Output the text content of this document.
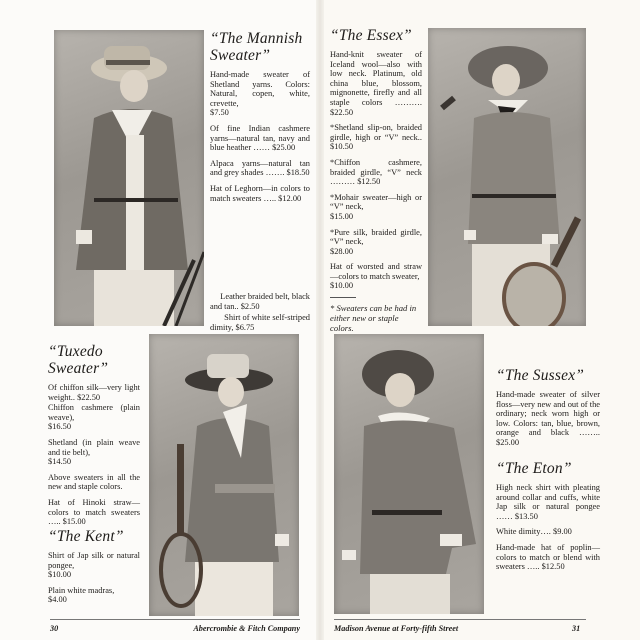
“The Mannish Sweater”
Hand-made sweater of Shetland yarns. Colors: Natural, copen, white, crevette,
$7.50
Of fine Indian cashmere yarns—natural tan, navy and blue heather …… $25.00
Alpaca yarns—natural tan and grey shades ……. $18.50
Hat of Leghorn—in colors to match sweaters ….. $12.00
Leather braided belt, black and tan.. $2.50
Shirt of white self-striped dimity, $6.75
“Tuxedo Sweater”
Of chiffon silk—very light weight.. $22.50
Chiffon cashmere (plain weave),
$16.50
Shetland (in plain weave and tie belt),
$14.50
Above sweaters in all the new and staple colors.
Hat of Hinoki straw—colors to match sweaters ….. $15.00
“The Kent”
Shirt of Jap silk or natural pongee,
$10.00
Plain white madras,
$4.00
“The Essex”
Hand-knit sweater of Iceland wool—also with low neck. Platinum, old china blue, blossom, mignonette, firefly and all staple colors ………. $22.50
*Shetland slip-on, braided girdle, high or “V” neck.. $10.50
*Chiffon cashmere, braided girdle, “V” neck ……… $12.50
*Mohair sweater—high or “V” neck,
$15.00
*Pure silk, braided girdle, “V” neck,
$28.00
Hat of worsted and straw—colors to match sweater,
$10.00
* Sweaters can be had in either new or staple colors.
“The Sussex”
Hand-made sweater of silver floss—very new and out of the ordinary; neck worn high or low. Colors: tan, blue, brown, orange and black …….. $25.00
“The Eton”
High neck shirt with pleating around collar and cuffs, white Jap silk or natural pongee …… $13.50
White dimity…. $9.00
Hand-made hat of poplin—colors to match or blend with sweaters ….. $12.50
30	Abercrombie & Fitch Company	Madison Avenue at Forty-fifth Street	31
